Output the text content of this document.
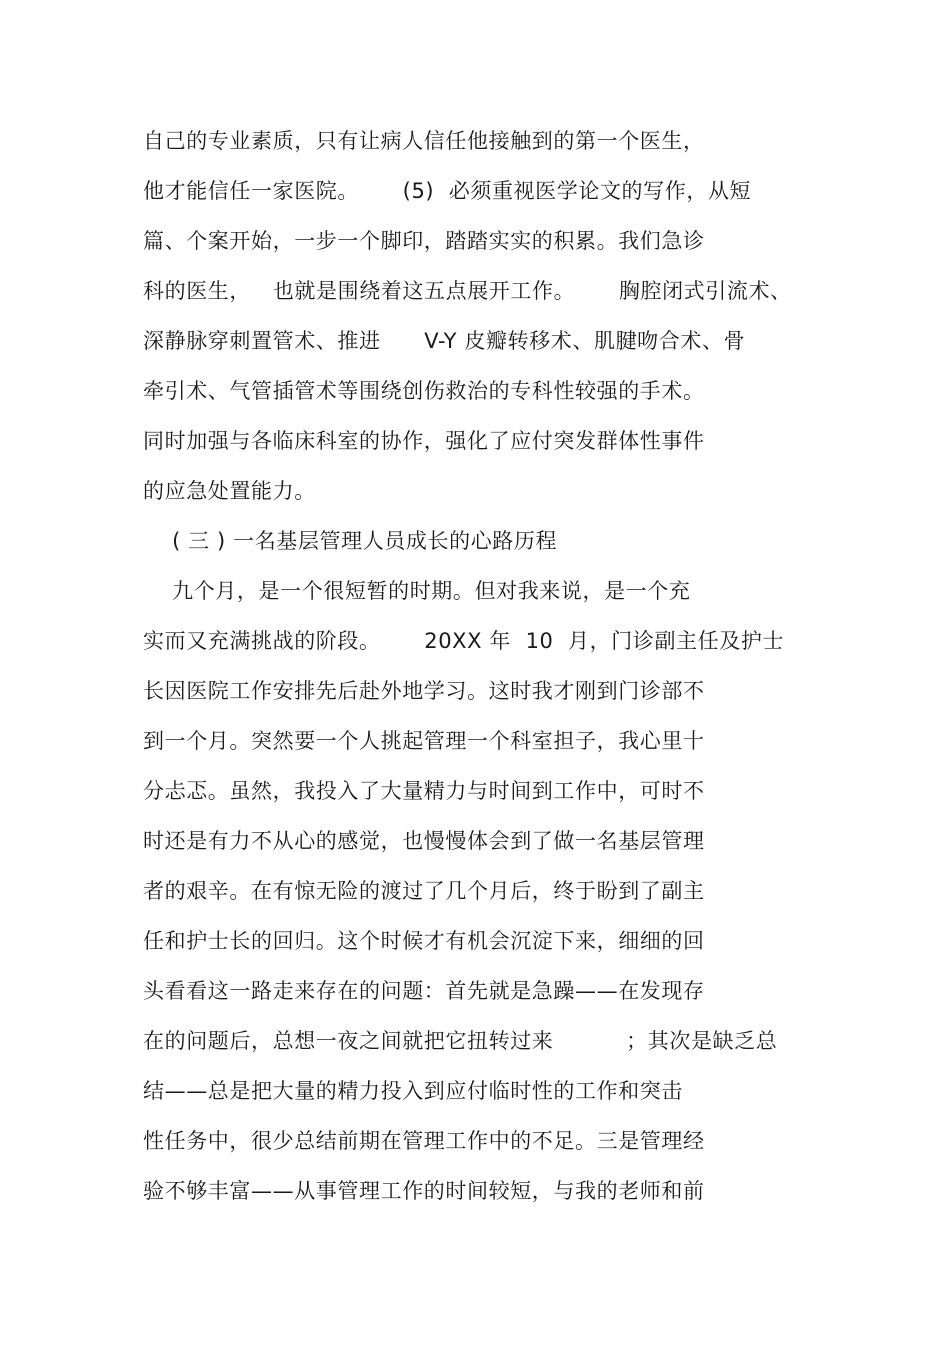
自己的专业素质，只有让病人信任他接触到的第一个医生，

他才能信任一家医院。      (5)  必须重视医学论文的写作，从短

篇、个案开始，一步一个脚印，踏踏实实的积累。我们急诊

科的医生，   也就是围绕着这五点展开工作。      胸腔闭式引流术、

深静脉穿刺置管术、推进      V-Y 皮瓣转移术、肌腱吻合术、骨

牵引术、气管插管术等围绕创伤救治的专科性较强的手术。

同时加强与各临床科室的协作，强化了应付突发群体性事件

的应急处置能力。

( 三 ) 一名基层管理人员成长的心路历程

九个月，是一个很短暂的时期。但对我来说，是一个充

实而又充满挑战的阶段。      20XX 年  10  月，门诊副主任及护士

长因医院工作安排先后赴外地学习。这时我才刚到门诊部不

到一个月。突然要一个人挑起管理一个科室担子，我心里十

分忐忑。虽然，我投入了大量精力与时间到工作中，可时不

时还是有力不从心的感觉，也慢慢体会到了做一名基层管理

者的艰辛。在有惊无险的渡过了几个月后，终于盼到了副主

任和护士长的回归。这个时候才有机会沉淀下来，细细的回

头看看这一路走来存在的问题：首先就是急躁——在发现存

在的问题后，总想一夜之间就把它扭转过来          ；其次是缺乏总

结——总是把大量的精力投入到应付临时性的工作和突击

性任务中，很少总结前期在管理工作中的不足。三是管理经

验不够丰富——从事管理工作的时间较短，与我的老师和前
